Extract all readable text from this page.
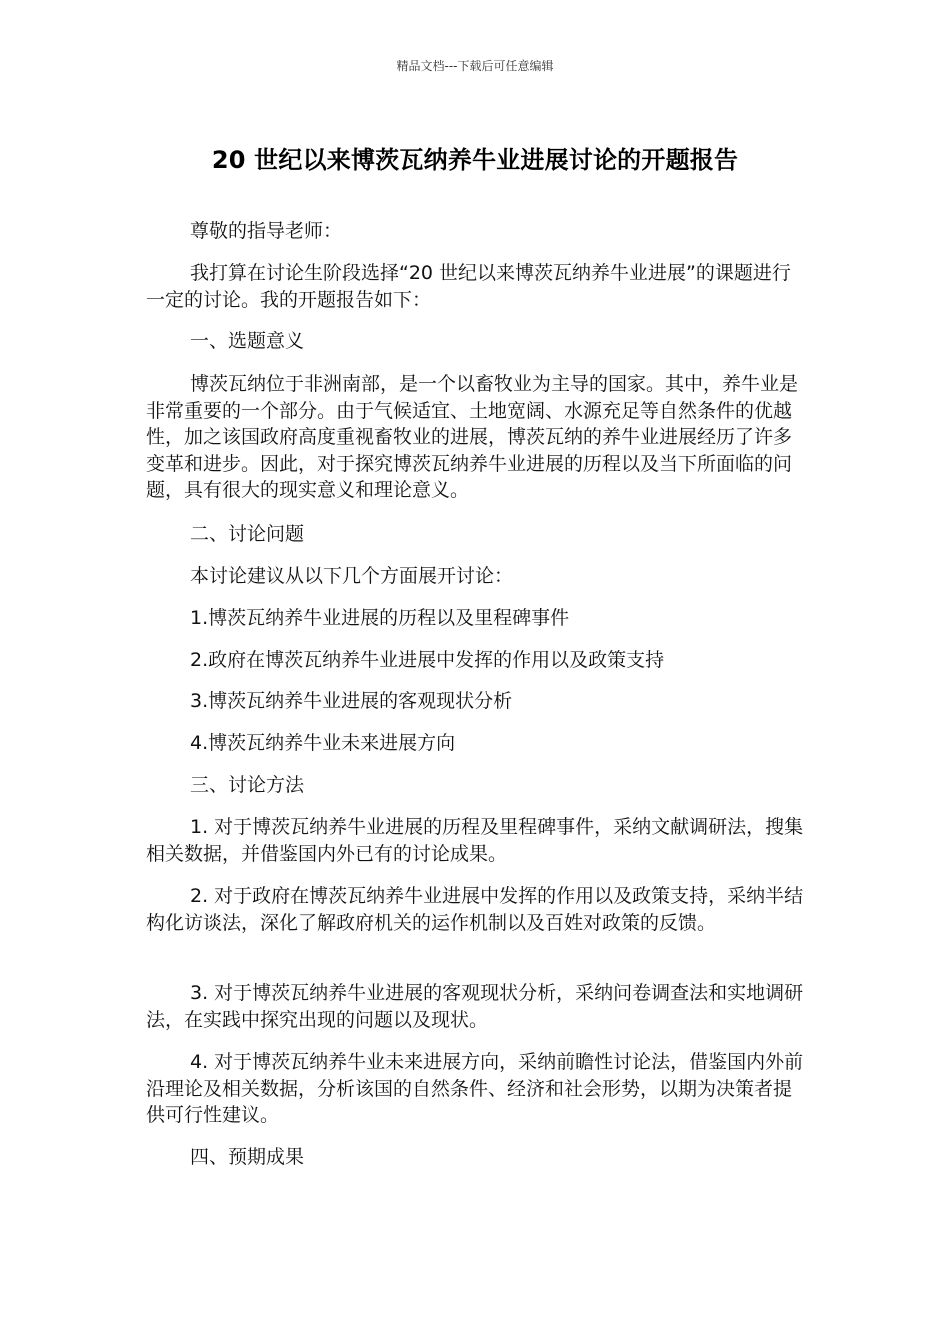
精品文档---下载后可任意编辑
20 世纪以来博茨瓦纳养牛业进展讨论的开题报告

尊敬的指导老师：

我打算在讨论生阶段选择“20 世纪以来博茨瓦纳养牛业进展”的课题进行一定的讨论。我的开题报告如下：

一、选题意义

博茨瓦纳位于非洲南部，是一个以畜牧业为主导的国家。其中，养牛业是非常重要的一个部分。由于气候适宜、土地宽阔、水源充足等自然条件的优越性，加之该国政府高度重视畜牧业的进展，博茨瓦纳的养牛业进展经历了许多变革和进步。因此，对于探究博茨瓦纳养牛业进展的历程以及当下所面临的问题，具有很大的现实意义和理论意义。

二、讨论问题

本讨论建议从以下几个方面展开讨论：

1.博茨瓦纳养牛业进展的历程以及里程碑事件

2.政府在博茨瓦纳养牛业进展中发挥的作用以及政策支持

3.博茨瓦纳养牛业进展的客观现状分析

4.博茨瓦纳养牛业未来进展方向

三、讨论方法

1. 对于博茨瓦纳养牛业进展的历程及里程碑事件，采纳文献调研法，搜集相关数据，并借鉴国内外已有的讨论成果。

2. 对于政府在博茨瓦纳养牛业进展中发挥的作用以及政策支持，采纳半结构化访谈法，深化了解政府机关的运作机制以及百姓对政策的反馈。

3. 对于博茨瓦纳养牛业进展的客观现状分析，采纳问卷调查法和实地调研法，在实践中探究出现的问题以及现状。

4. 对于博茨瓦纳养牛业未来进展方向，采纳前瞻性讨论法，借鉴国内外前沿理论及相关数据，分析该国的自然条件、经济和社会形势，以期为决策者提供可行性建议。

四、预期成果
